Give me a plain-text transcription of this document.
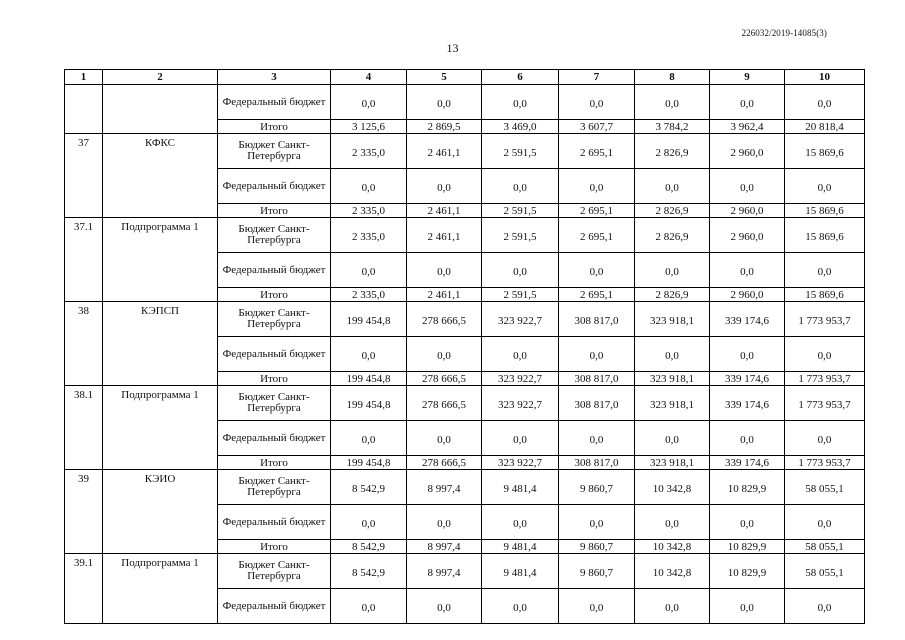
226032/2019-14085(3)
13
1	2	3	4	5	6	7	8	9	10
		Федеральный бюджет	0,0	0,0	0,0	0,0	0,0	0,0	0,0
		Итого	3 125,6	2 869,5	3 469,0	3 607,7	3 784,2	3 962,4	20 818,4
37	КФКС	Бюджет Санкт-Петербурга	2 335,0	2 461,1	2 591,5	2 695,1	2 826,9	2 960,0	15 869,6
		Федеральный бюджет	0,0	0,0	0,0	0,0	0,0	0,0	0,0
		Итого	2 335,0	2 461,1	2 591,5	2 695,1	2 826,9	2 960,0	15 869,6
37.1	Подпрограмма 1	Бюджет Санкт-Петербурга	2 335,0	2 461,1	2 591,5	2 695,1	2 826,9	2 960,0	15 869,6
		Федеральный бюджет	0,0	0,0	0,0	0,0	0,0	0,0	0,0
		Итого	2 335,0	2 461,1	2 591,5	2 695,1	2 826,9	2 960,0	15 869,6
38	КЭПСП	Бюджет Санкт-Петербурга	199 454,8	278 666,5	323 922,7	308 817,0	323 918,1	339 174,6	1 773 953,7
		Федеральный бюджет	0,0	0,0	0,0	0,0	0,0	0,0	0,0
		Итого	199 454,8	278 666,5	323 922,7	308 817,0	323 918,1	339 174,6	1 773 953,7
38.1	Подпрограмма 1	Бюджет Санкт-Петербурга	199 454,8	278 666,5	323 922,7	308 817,0	323 918,1	339 174,6	1 773 953,7
		Федеральный бюджет	0,0	0,0	0,0	0,0	0,0	0,0	0,0
		Итого	199 454,8	278 666,5	323 922,7	308 817,0	323 918,1	339 174,6	1 773 953,7
39	КЭИО	Бюджет Санкт-Петербурга	8 542,9	8 997,4	9 481,4	9 860,7	10 342,8	10 829,9	58 055,1
		Федеральный бюджет	0,0	0,0	0,0	0,0	0,0	0,0	0,0
		Итого	8 542,9	8 997,4	9 481,4	9 860,7	10 342,8	10 829,9	58 055,1
39.1	Подпрограмма 1	Бюджет Санкт-Петербурга	8 542,9	8 997,4	9 481,4	9 860,7	10 342,8	10 829,9	58 055,1
		Федеральный бюджет	0,0	0,0	0,0	0,0	0,0	0,0	0,0
